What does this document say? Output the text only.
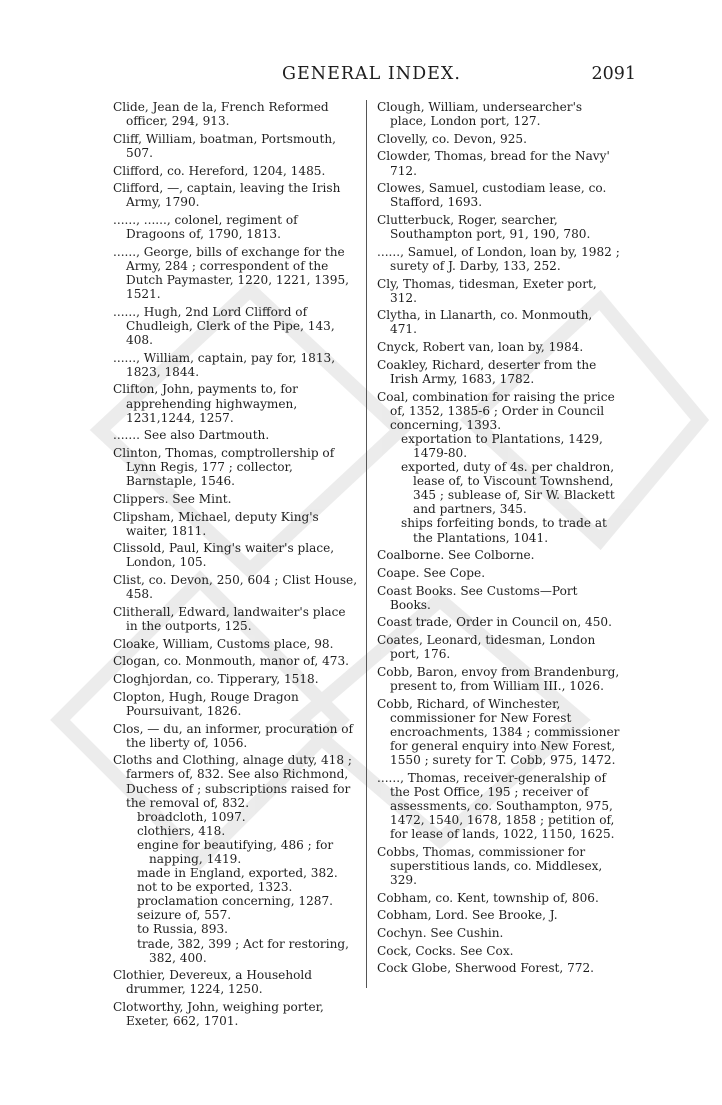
GENERAL INDEX.	2091
Clide, Jean de la, French Reformed officer, 294, 913.
Cliff, William, boatman, Portsmouth, 507.
Clifford, co. Hereford, 1204, 1485.
Clifford, —, captain, leaving the Irish Army, 1790.
......, ......, colonel, regiment of Dragoons of, 1790, 1813.
......, George, bills of exchange for the Army, 284 ; correspondent of the Dutch Paymaster, 1220, 1221, 1395, 1521.
......, Hugh, 2nd Lord Clifford of Chudleigh, Clerk of the Pipe, 143, 408.
......, William, captain, pay for, 1813, 1823, 1844.
Clifton, John, payments to, for apprehending highwaymen, 1231,1244, 1257.
....... See also Dartmouth.
Clinton, Thomas, comptrollership of Lynn Regis, 177 ; collector, Barnstaple, 1546.
Clippers. See Mint.
Clipsham, Michael, deputy King's waiter, 1811.
Clissold, Paul, King's waiter's place, London, 105.
Clist, co. Devon, 250, 604 ; Clist House, 458.
Clitherall, Edward, landwaiter's place in the outports, 125.
Cloake, William, Customs place, 98.
Clogan, co. Monmouth, manor of, 473.
Cloghjordan, co. Tipperary, 1518.
Clopton, Hugh, Rouge Dragon Poursuivant, 1826.
Clos, — du, an informer, procuration of the liberty of, 1056.
Cloths and Clothing, alnage duty, 418 ; farmers of, 832. See also Richmond, Duchess of ; subscriptions raised for the removal of, 832.
broadcloth, 1097.
clothiers, 418.
engine for beautifying, 486 ; for napping, 1419.
made in England, exported, 382.
not to be exported, 1323.
proclamation concerning, 1287.
seizure of, 557.
to Russia, 893.
trade, 382, 399 ; Act for restoring, 382, 400.
Clothier, Devereux, a Household drummer, 1224, 1250.
Clotworthy, John, weighing porter, Exeter, 662, 1701.
Clough, William, undersearcher's place, London port, 127.
Clovelly, co. Devon, 925.
Clowder, Thomas, bread for the Navy' 712.
Clowes, Samuel, custodiam lease, co. Stafford, 1693.
Clutterbuck, Roger, searcher, Southampton port, 91, 190, 780.
......, Samuel, of London, loan by, 1982 ; surety of J. Darby, 133, 252.
Cly, Thomas, tidesman, Exeter port, 312.
Clytha, in Llanarth, co. Monmouth, 471.
Cnyck, Robert van, loan by, 1984.
Coakley, Richard, deserter from the Irish Army, 1683, 1782.
Coal, combination for raising the price of, 1352, 1385-6 ; Order in Council concerning, 1393.
exportation to Plantations, 1429, 1479-80.
exported, duty of 4s. per chaldron, lease of, to Viscount Townshend, 345 ; sublease of, Sir W. Blackett and partners, 345.
ships forfeiting bonds, to trade at the Plantations, 1041.
Coalborne. See Colborne.
Coape. See Cope.
Coast Books. See Customs—Port Books.
Coast trade, Order in Council on, 450.
Coates, Leonard, tidesman, London port, 176.
Cobb, Baron, envoy from Brandenburg, present to, from William III., 1026.
Cobb, Richard, of Winchester, commissioner for New Forest encroachments, 1384 ; commissioner for general enquiry into New Forest, 1550 ; surety for T. Cobb, 975, 1472.
......, Thomas, receiver-generalship of the Post Office, 195 ; receiver of assessments, co. Southampton, 975, 1472, 1540, 1678, 1858 ; petition of, for lease of lands, 1022, 1150, 1625.
Cobbs, Thomas, commissioner for superstitious lands, co. Middlesex, 329.
Cobham, co. Kent, township of, 806.
Cobham, Lord. See Brooke, J.
Cochyn. See Cushin.
Cock, Cocks. See Cox.
Cock Globe, Sherwood Forest, 772.
